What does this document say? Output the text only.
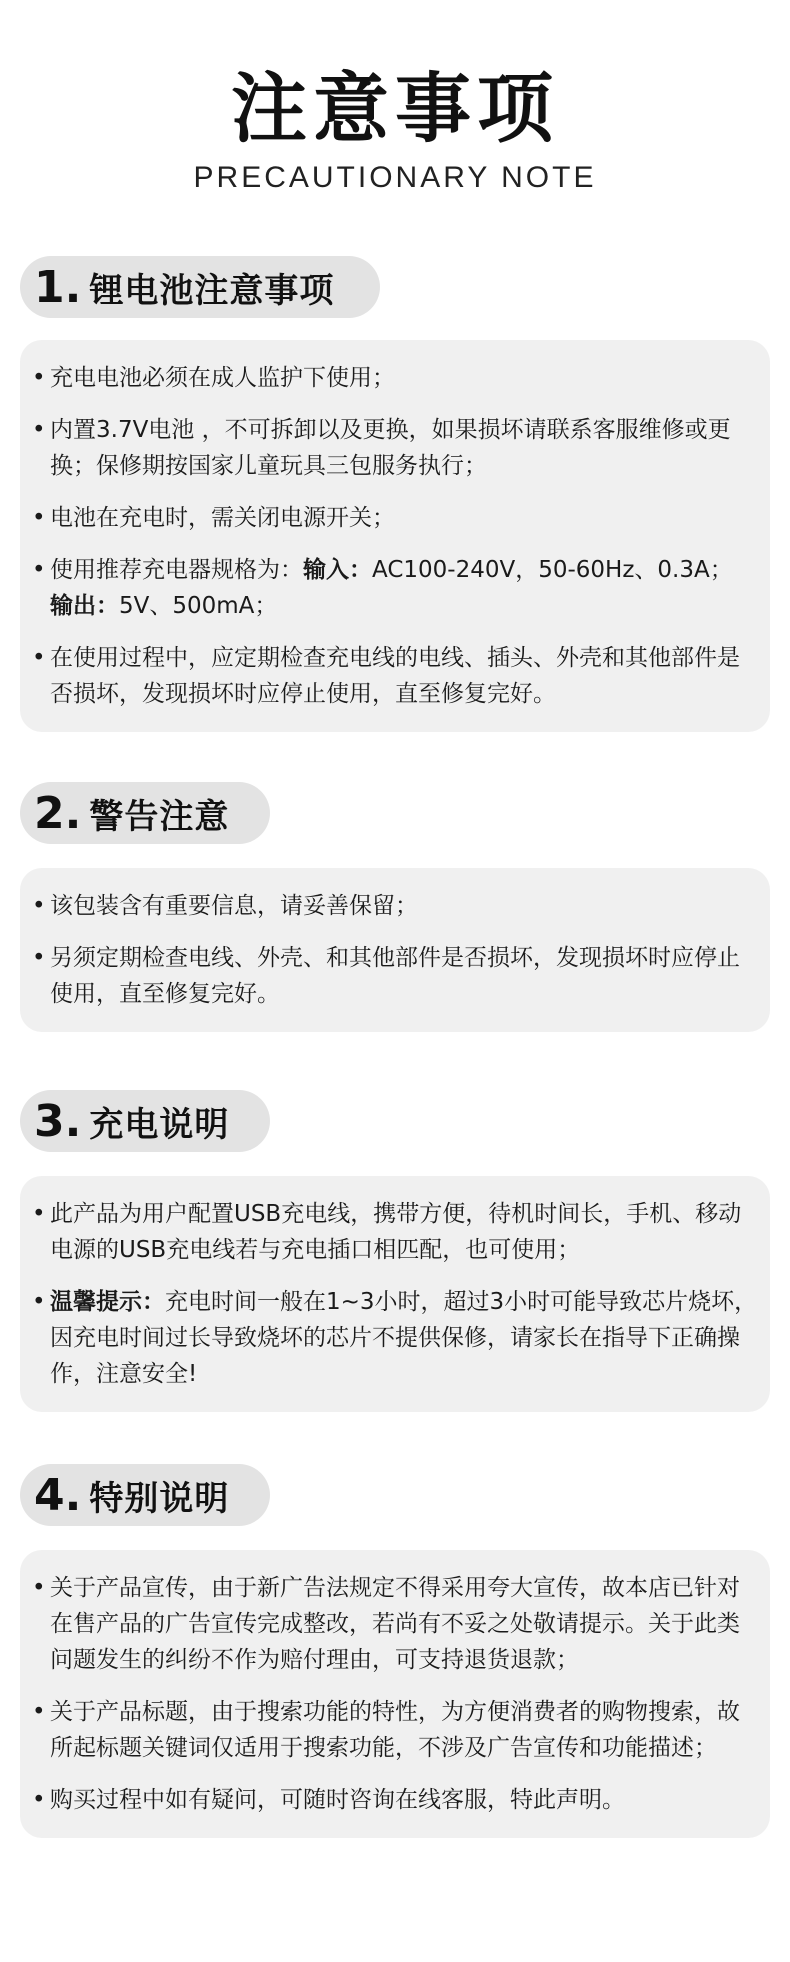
注意事项
PRECAUTIONARY NOTE
1. 锂电池注意事项
• 充电电池必须在成人监护下使用；
• 内置3.7V电池 ，不可拆卸以及更换，如果损坏请联系客服维修或更换；保修期按国家儿童玩具三包服务执行；
• 电池在充电时，需关闭电源开关；
• 使用推荐充电器规格为：输入：AC100-240V，50-60Hz、0.3A；
输出：5V、500mA；
• 在使用过程中，应定期检查充电线的电线、插头、外壳和其他部件是否损坏，发现损坏时应停止使用，直至修复完好。
2. 警告注意
• 该包装含有重要信息，请妥善保留；
• 另须定期检查电线、外壳、和其他部件是否损坏，发现损坏时应停止使用，直至修复完好。
3. 充电说明
• 此产品为用户配置USB充电线，携带方便，待机时间长，手机、移动电源的USB充电线若与充电插口相匹配，也可使用；
• 温馨提示：充电时间一般在1~3小时，超过3小时可能导致芯片烧坏，因充电时间过长导致烧坏的芯片不提供保修，请家长在指导下正确操作，注意安全!
4. 特别说明
• 关于产品宣传，由于新广告法规定不得采用夸大宣传，故本店已针对在售产品的广告宣传完成整改，若尚有不妥之处敬请提示。关于此类问题发生的纠纷不作为赔付理由，可支持退货退款；
• 关于产品标题，由于搜索功能的特性，为方便消费者的购物搜索，故所起标题关键词仅适用于搜索功能，不涉及广告宣传和功能描述；
• 购买过程中如有疑问，可随时咨询在线客服，特此声明。
